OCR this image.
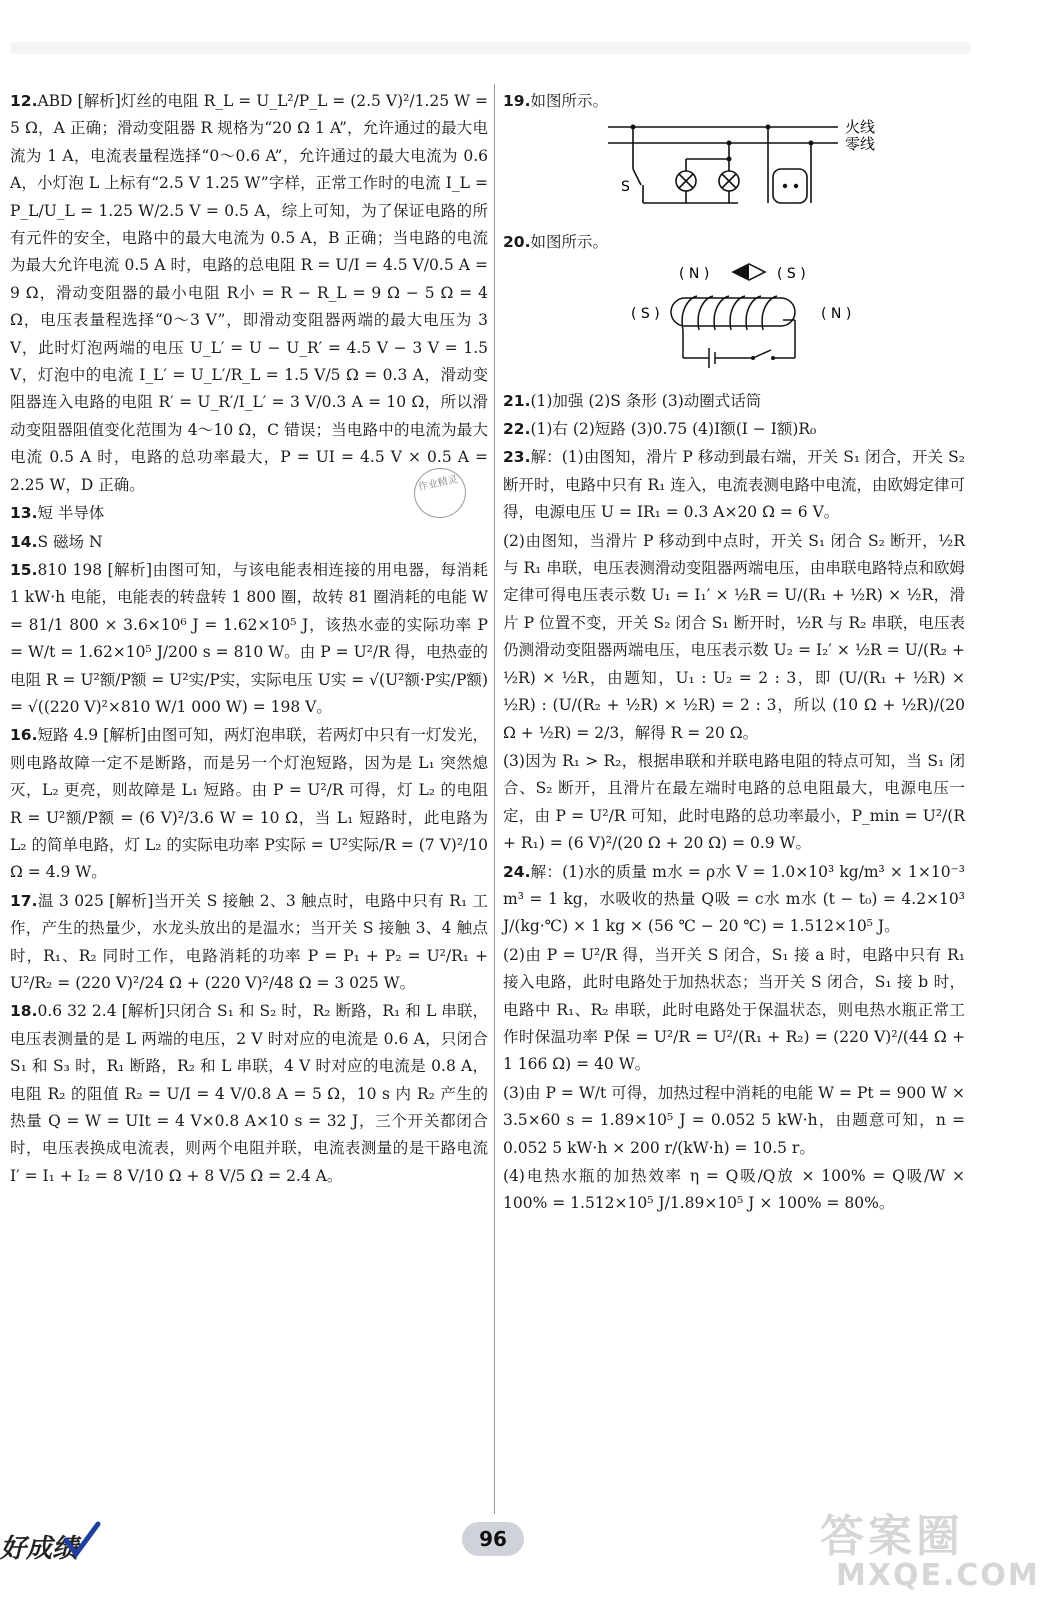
12.ABD [解析]灯丝的电阻 R_L = U_L²/P_L = (2.5 V)²/1.25 W = 5 Ω，A 正确；滑动变阻器 R 规格为“20 Ω 1 A”，允许通过的最大电流为 1 A，电流表量程选择“0～0.6 A”，允许通过的最大电流为 0.6 A，小灯泡 L 上标有“2.5 V 1.25 W”字样，正常工作时的电流 I_L = P_L/U_L = 1.25 W/2.5 V = 0.5 A，综上可知，为了保证电路的所有元件的安全，电路中的最大电流为 0.5 A，B 正确；当电路的电流为最大允许电流 0.5 A 时，电路的总电阻 R = U/I = 4.5 V/0.5 A = 9 Ω，滑动变阻器的最小电阻 R小 = R − R_L = 9 Ω − 5 Ω = 4 Ω，电压表量程选择“0～3 V”，即滑动变阻器两端的最大电压为 3 V，此时灯泡两端的电压 U_L′ = U − U_R′ = 4.5 V − 3 V = 1.5 V，灯泡中的电流 I_L′ = U_L′/R_L = 1.5 V/5 Ω = 0.3 A，滑动变阻器连入电路的电阻 R′ = U_R′/I_L′ = 3 V/0.3 A = 10 Ω，所以滑动变阻器阻值变化范围为 4～10 Ω，C 错误；当电路中的电流为最大电流 0.5 A 时，电路的总功率最大，P = UI = 4.5 V × 0.5 A = 2.25 W，D 正确。

13.短 半导体

14.S 磁场 N

15.810 198 [解析]由图可知，与该电能表相连接的用电器，每消耗 1 kW·h 电能，电能表的转盘转 1 800 圈，故转 81 圈消耗的电能 W = 81/1 800 × 3.6×10⁶ J = 1.62×10⁵ J，该热水壶的实际功率 P = W/t = 1.62×10⁵ J/200 s = 810 W。由 P = U²/R 得，电热壶的电阻 R = U²额/P额 = U²实/P实，实际电压 U实 = √(U²额·P实/P额) = √((220 V)²×810 W/1 000 W) = 198 V。

16.短路 4.9 [解析]由图可知，两灯泡串联，若两灯中只有一灯发光，则电路故障一定不是断路，而是另一个灯泡短路，因为是 L₁ 突然熄灭，L₂ 更亮，则故障是 L₁ 短路。由 P = U²/R 可得，灯 L₂ 的电阻 R = U²额/P额 = (6 V)²/3.6 W = 10 Ω，当 L₁ 短路时，此电路为 L₂ 的简单电路，灯 L₂ 的实际电功率 P实际 = U²实际/R = (7 V)²/10 Ω = 4.9 W。

17.温 3 025 [解析]当开关 S 接触 2、3 触点时，电路中只有 R₁ 工作，产生的热量少，水龙头放出的是温水；当开关 S 接触 3、4 触点时，R₁、R₂ 同时工作，电路消耗的功率 P = P₁ + P₂ = U²/R₁ + U²/R₂ = (220 V)²/24 Ω + (220 V)²/48 Ω = 3 025 W。

18.0.6 32 2.4 [解析]只闭合 S₁ 和 S₂ 时，R₂ 断路，R₁ 和 L 串联，电压表测量的是 L 两端的电压，2 V 时对应的电流是 0.6 A，只闭合 S₁ 和 S₃ 时，R₁ 断路，R₂ 和 L 串联，4 V 时对应的电流是 0.8 A，电阻 R₂ 的阻值 R₂ = U/I = 4 V/0.8 A = 5 Ω，10 s 内 R₂ 产生的热量 Q = W = UIt = 4 V×0.8 A×10 s = 32 J，三个开关都闭合时，电压表换成电流表，则两个电阻并联，电流表测量的是干路电流 I′ = I₁ + I₂ = 8 V/10 Ω + 8 V/5 Ω = 2.4 A。

作业精灵

19.如图所示。

火线
零线
S

20.如图所示。

( N )	( S )
( S )	( N )

21.(1)加强 (2)S 条形 (3)动圈式话筒

22.(1)右 (2)短路 (3)0.75 (4)I额(I − I额)R₀

23.解：(1)由图知，滑片 P 移动到最右端，开关 S₁ 闭合，开关 S₂ 断开时，电路中只有 R₁ 连入，电流表测电路中电流，由欧姆定律可得，电源电压 U = IR₁ = 0.3 A×20 Ω = 6 V。

(2)由图知，当滑片 P 移动到中点时，开关 S₁ 闭合 S₂ 断开，½R 与 R₁ 串联，电压表测滑动变阻器两端电压，由串联电路特点和欧姆定律可得电压表示数 U₁ = I₁′ × ½R = U/(R₁ + ½R) × ½R，滑片 P 位置不变，开关 S₂ 闭合 S₁ 断开时，½R 与 R₂ 串联，电压表仍测滑动变阻器两端电压，电压表示数 U₂ = I₂′ × ½R = U/(R₂ + ½R) × ½R，由题知，U₁ : U₂ = 2 : 3，即 (U/(R₁ + ½R) × ½R) : (U/(R₂ + ½R) × ½R) = 2 : 3，所以 (10 Ω + ½R)/(20 Ω + ½R) = 2/3，解得 R = 20 Ω。

(3)因为 R₁ > R₂，根据串联和并联电路电阻的特点可知，当 S₁ 闭合、S₂ 断开，且滑片在最左端时电路的总电阻最大，电源电压一定，由 P = U²/R 可知，此时电路的总功率最小，P_min = U²/(R + R₁) = (6 V)²/(20 Ω + 20 Ω) = 0.9 W。

24.解：(1)水的质量 m水 = ρ水 V = 1.0×10³ kg/m³ × 1×10⁻³ m³ = 1 kg，水吸收的热量 Q吸 = c水 m水 (t − t₀) = 4.2×10³ J/(kg·℃) × 1 kg × (56 ℃ − 20 ℃) = 1.512×10⁵ J。

(2)由 P = U²/R 得，当开关 S 闭合，S₁ 接 a 时，电路中只有 R₁ 接入电路，此时电路处于加热状态；当开关 S 闭合，S₁ 接 b 时，电路中 R₁、R₂ 串联，此时电路处于保温状态，则电热水瓶正常工作时保温功率 P保 = U²/R = U²/(R₁ + R₂) = (220 V)²/(44 Ω + 1 166 Ω) = 40 W。

(3)由 P = W/t 可得，加热过程中消耗的电能 W = Pt = 900 W × 3.5×60 s = 1.89×10⁵ J = 0.052 5 kW·h，由题意可知，n = 0.052 5 kW·h × 200 r/(kW·h) = 10.5 r。

(4)电热水瓶的加热效率 η = Q吸/Q放 × 100% = Q吸/W × 100% = 1.512×10⁵ J/1.89×10⁵ J × 100% = 80%。

好成绩	96	答案圈
MXQE.COM
